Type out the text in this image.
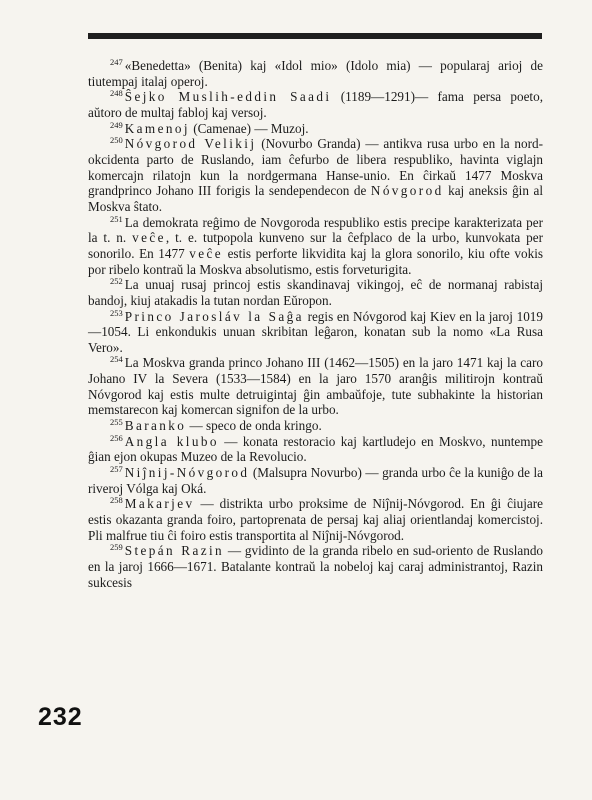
$^{247}$ «Benedetta» (Benita) kaj «Idol mio» (Idolo mia) — popularaj arioj de tiutempaj italaj operoj.

$^{248}$ Ŝejko Muslih-eddin Saadi (1189—1291)— fama persa poeto, aŭtoro de multaj fabloj kaj versoj.

$^{249}$ Kamenoj (Camenae) — Muzoj.

$^{250}$ Nóvgorod Velikij (Novurbo Granda) — antikva rusa urbo en la nord-okcidenta parto de Ruslando, iam ĉefurbo de libera respubliko, havinta viglajn komercajn rilatojn kun la nordgermana Hanse-unio. En ĉirkaŭ 1477 Moskva grandprinco Johano III forigis la sendependecon de Nóvgorod kaj aneksis ĝin al Moskva ŝtato.

$^{251}$ La demokrata reĝimo de Novgoroda respubliko estis precipe karakterizata per la t. n. veĉe, t. e. tutpopola kunveno sur la ĉefplaco de la urbo, kunvokata per sonorilo. En 1477 veĉe estis perforte likvidita kaj la glora sonorilo, kiu ofte vokis por ribelo kontraŭ la Moskva absolutismo, estis forveturigita.

$^{252}$ La unuaj rusaj princoj estis skandinavaj vikingoj, eĉ de normanaj rabistaj bandoj, kiuj atakadis la tutan nordan Eŭropon.

$^{253}$ Princo Jarosláv la Saĝa regis en Nóvgorod kaj Kiev en la jaroj 1019—1054. Li enkondukis unuan skribitan leĝaron, konatan sub la nomo «La Rusa Vero».

$^{254}$ La Moskva granda princo Johano III (1462—1505) en la jaro 1471 kaj la caro Johano IV la Severa (1533—1584) en la jaro 1570 aranĝis militirojn kontraŭ Nóvgorod kaj estis multe detruigintaj ĝin ambaŭfoje, tute subhakinte la historian memstarecon kaj komercan signifon de la urbo.

$^{255}$ Baranko — speco de onda kringo.

$^{256}$ Angla klubo — konata restoracio kaj kartludejo en Moskvo, nuntempe ĝian ejon okupas Muzeo de la Revolucio.

$^{257}$ Niĵnij-Nóvgorod (Malsupra Novurbo) — granda urbo ĉe la kuniĝo de la riveroj Vólga kaj Oká.

$^{258}$ Makarjev — distrikta urbo proksime de Niĵnij-Nóvgorod. En ĝi ĉiujare estis okazanta granda foiro, partoprenata de persaj kaj aliaj orientlandaj komercistoj. Pli malfrue tiu ĉi foiro estis transportita al Niĵnij-Nóvgorod.

$^{259}$ Stepán Razin — gvidinto de la granda ribelo en sud-oriento de Ruslando en la jaroj 1666—1671. Batalante kontraŭ la nobeloj kaj caraj administrantoj, Razin sukcesis

232
